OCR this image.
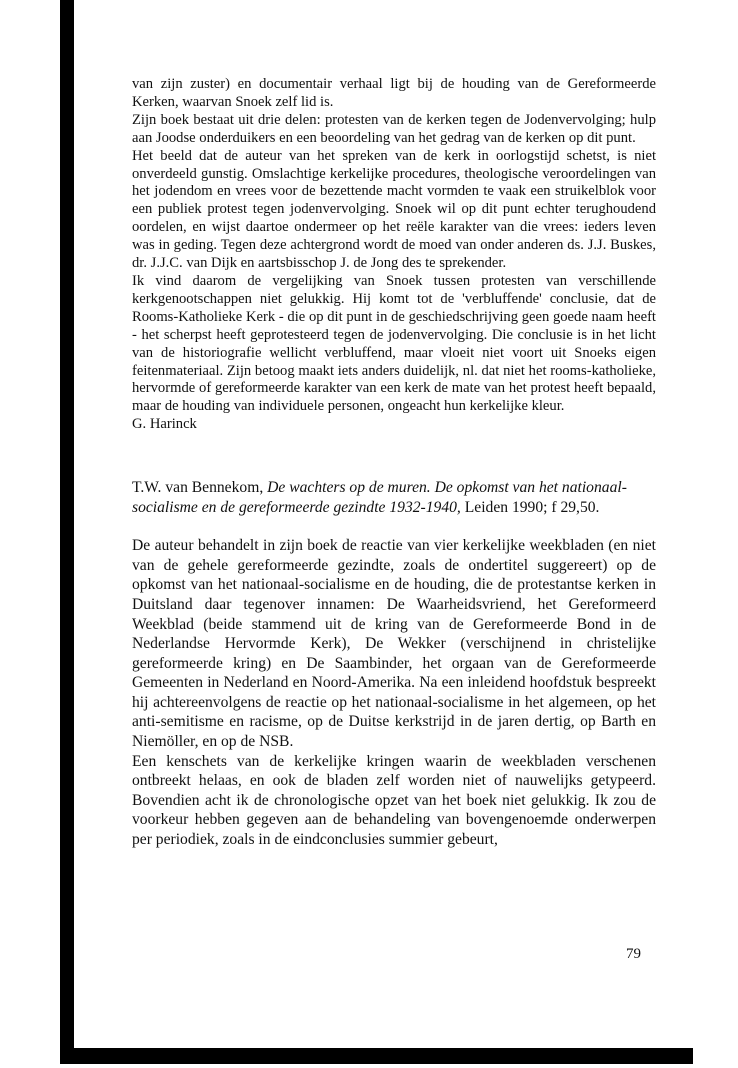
van zijn zuster) en documentair verhaal ligt bij de houding van de Gereformeerde Kerken, waarvan Snoek zelf lid is.

Zijn boek bestaat uit drie delen: protesten van de kerken tegen de Jodenvervolging; hulp aan Joodse onderduikers en een beoordeling van het gedrag van de kerken op dit punt.

Het beeld dat de auteur van het spreken van de kerk in oorlogstijd schetst, is niet onverdeeld gunstig. Omslachtige kerkelijke procedures, theologische veroordelingen van het jodendom en vrees voor de bezettende macht vormden te vaak een struikelblok voor een publiek protest tegen jodenvervolging. Snoek wil op dit punt echter terughoudend oordelen, en wijst daartoe ondermeer op het reële karakter van die vrees: ieders leven was in geding. Tegen deze achtergrond wordt de moed van onder anderen ds. J.J. Buskes, dr. J.J.C. van Dijk en aartsbisschop J. de Jong des te sprekender.

Ik vind daarom de vergelijking van Snoek tussen protesten van verschillende kerkgenootschappen niet gelukkig. Hij komt tot de 'verbluffende' conclusie, dat de Rooms-Katholieke Kerk - die op dit punt in de geschiedschrijving geen goede naam heeft - het scherpst heeft geprotesteerd tegen de jodenvervolging. Die conclusie is in het licht van de historiografie wellicht verbluffend, maar vloeit niet voort uit Snoeks eigen feitenmateriaal. Zijn betoog maakt iets anders duidelijk, nl. dat niet het rooms-katholieke, hervormde of gereformeerde karakter van een kerk de mate van het protest heeft bepaald, maar de houding van individuele personen, ongeacht hun kerkelijke kleur.

G. Harinck

T.W. van Bennekom, De wachters op de muren. De opkomst van het nationaal-socialisme en de gereformeerde gezindte 1932-1940, Leiden 1990; f 29,50.

De auteur behandelt in zijn boek de reactie van vier kerkelijke weekbladen (en niet van de gehele gereformeerde gezindte, zoals de ondertitel suggereert) op de opkomst van het nationaal-socialisme en de houding, die de protestantse kerken in Duitsland daar tegenover innamen: De Waarheidsvriend, het Gereformeerd Weekblad (beide stammend uit de kring van de Gereformeerde Bond in de Nederlandse Hervormde Kerk), De Wekker (verschijnend in christelijke gereformeerde kring) en De Saambinder, het orgaan van de Gereformeerde Gemeenten in Nederland en Noord-Amerika. Na een inleidend hoofdstuk bespreekt hij achtereenvolgens de reactie op het nationaal-socialisme in het algemeen, op het anti-semitisme en racisme, op de Duitse kerkstrijd in de jaren dertig, op Barth en Niemöller, en op de NSB.

Een kenschets van de kerkelijke kringen waarin de weekbladen verschenen ontbreekt helaas, en ook de bladen zelf worden niet of nauwelijks getypeerd. Bovendien acht ik de chronologische opzet van het boek niet gelukkig. Ik zou de voorkeur hebben gegeven aan de behandeling van bovengenoemde onderwerpen per periodiek, zoals in de eindconclusies summier gebeurt,

79
